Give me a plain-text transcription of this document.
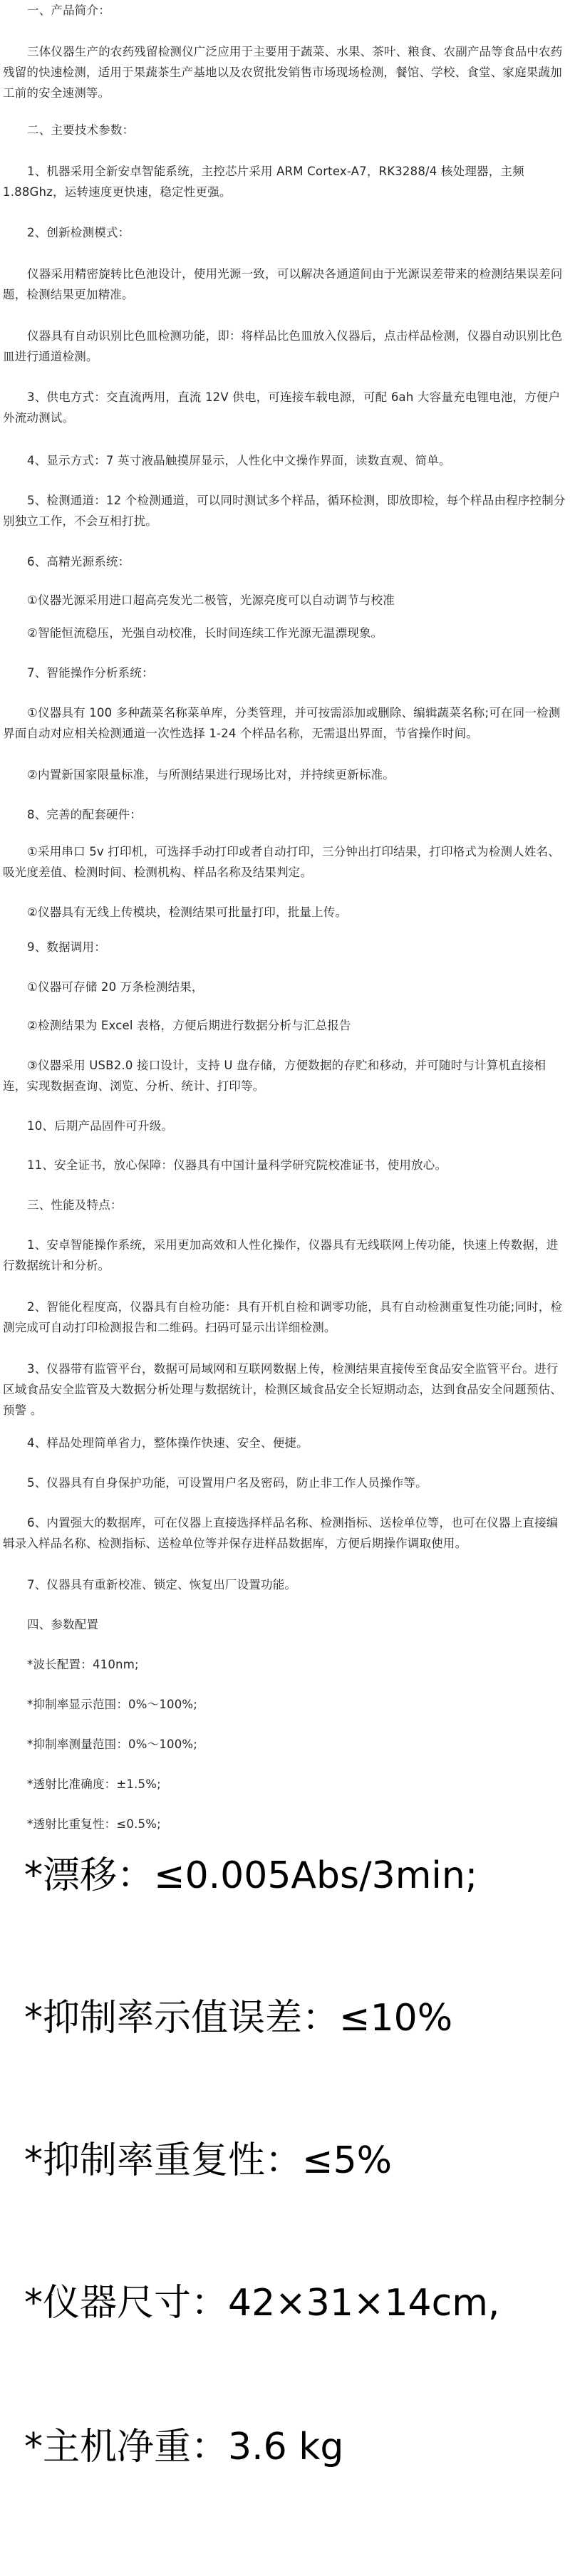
一、产品简介：
三体仪器生产的农药残留检测仪广泛应用于主要用于蔬菜、水果、茶叶、粮食、农副产品等食品中农药残留的快速检测，适用于果蔬茶生产基地以及农贸批发销售市场现场检测，餐馆、学校、食堂、家庭果蔬加工前的安全速测等。
二、主要技术参数：
1、机器采用全新安卓智能系统，主控芯片采用 ARM Cortex-A7，RK3288/4 核处理器，主频 1.88Ghz，运转速度更快速，稳定性更强。
2、创新检测模式：
仪器采用精密旋转比色池设计，使用光源一致，可以解决各通道间由于光源误差带来的检测结果误差问题，检测结果更加精准。
仪器具有自动识别比色皿检测功能，即：将样品比色皿放入仪器后，点击样品检测，仪器自动识别比色皿进行通道检测。
3、供电方式：交直流两用，直流 12V 供电，可连接车载电源，可配 6ah 大容量充电锂电池，方便户外流动测试。
4、显示方式：7 英寸液晶触摸屏显示，人性化中文操作界面，读数直观、简单。
5、检测通道：12 个检测通道，可以同时测试多个样品，循环检测，即放即检，每个样品由程序控制分别独立工作，不会互相打扰。
6、高精光源系统：
①仪器光源采用进口超高亮发光二极管，光源亮度可以自动调节与校准
②智能恒流稳压，光强自动校准，长时间连续工作光源无温漂现象。
7、智能操作分析系统：
①仪器具有 100 多种蔬菜名称菜单库，分类管理，并可按需添加或删除、编辑蔬菜名称;可在同一检测界面自动对应相关检测通道一次性选择 1-24 个样品名称，无需退出界面，节省操作时间。
②内置新国家限量标准，与所测结果进行现场比对，并持续更新标准。
8、完善的配套硬件：
①采用串口 5v 打印机，可选择手动打印或者自动打印，三分钟出打印结果，打印格式为检测人姓名、吸光度差值、检测时间、检测机构、样品名称及结果判定。
②仪器具有无线上传模块，检测结果可批量打印，批量上传。
9、数据调用：
①仪器可存储 20 万条检测结果，
②检测结果为 Excel 表格，方便后期进行数据分析与汇总报告
③仪器采用 USB2.0 接口设计，支持 U 盘存储，方便数据的存贮和移动，并可随时与计算机直接相连，实现数据查询、浏览、分析、统计、打印等。
10、后期产品固件可升级。
11、安全证书，放心保障：仪器具有中国计量科学研究院校准证书，使用放心。
三、性能及特点：
1、安卓智能操作系统，采用更加高效和人性化操作，仪器具有无线联网上传功能，快速上传数据，进行数据统计和分析。
2、智能化程度高，仪器具有自检功能：具有开机自检和调零功能，具有自动检测重复性功能;同时，检测完成可自动打印检测报告和二维码。扫码可显示出详细检测。
3、仪器带有监管平台，数据可局域网和互联网数据上传，检测结果直接传至食品安全监管平台。进行区域食品安全监管及大数据分析处理与数据统计，检测区域食品安全长短期动态，达到食品安全问题预估、预警 。
4、样品处理简单省力，整体操作快速、安全、便捷。
5、仪器具有自身保护功能，可设置用户名及密码，防止非工作人员操作等。
6、内置强大的数据库，可在仪器上直接选择样品名称、检测指标、送检单位等，也可在仪器上直接编辑录入样品名称、检测指标、送检单位等并保存进样品数据库，方便后期操作调取使用。
7、仪器具有重新校准、锁定、恢复出厂设置功能。
四、参数配置
*波长配置：410nm;
*抑制率显示范围：0%～100%;
*抑制率测量范围：0%～100%;
*透射比准确度：±1.5%;
*透射比重复性：≤0.5%;
*漂移：≤0.005Abs/3min;
*抑制率示值误差：≤10%
*抑制率重复性：≤5%
*仪器尺寸：42×31×14cm,
*主机净重：3.6 kg
